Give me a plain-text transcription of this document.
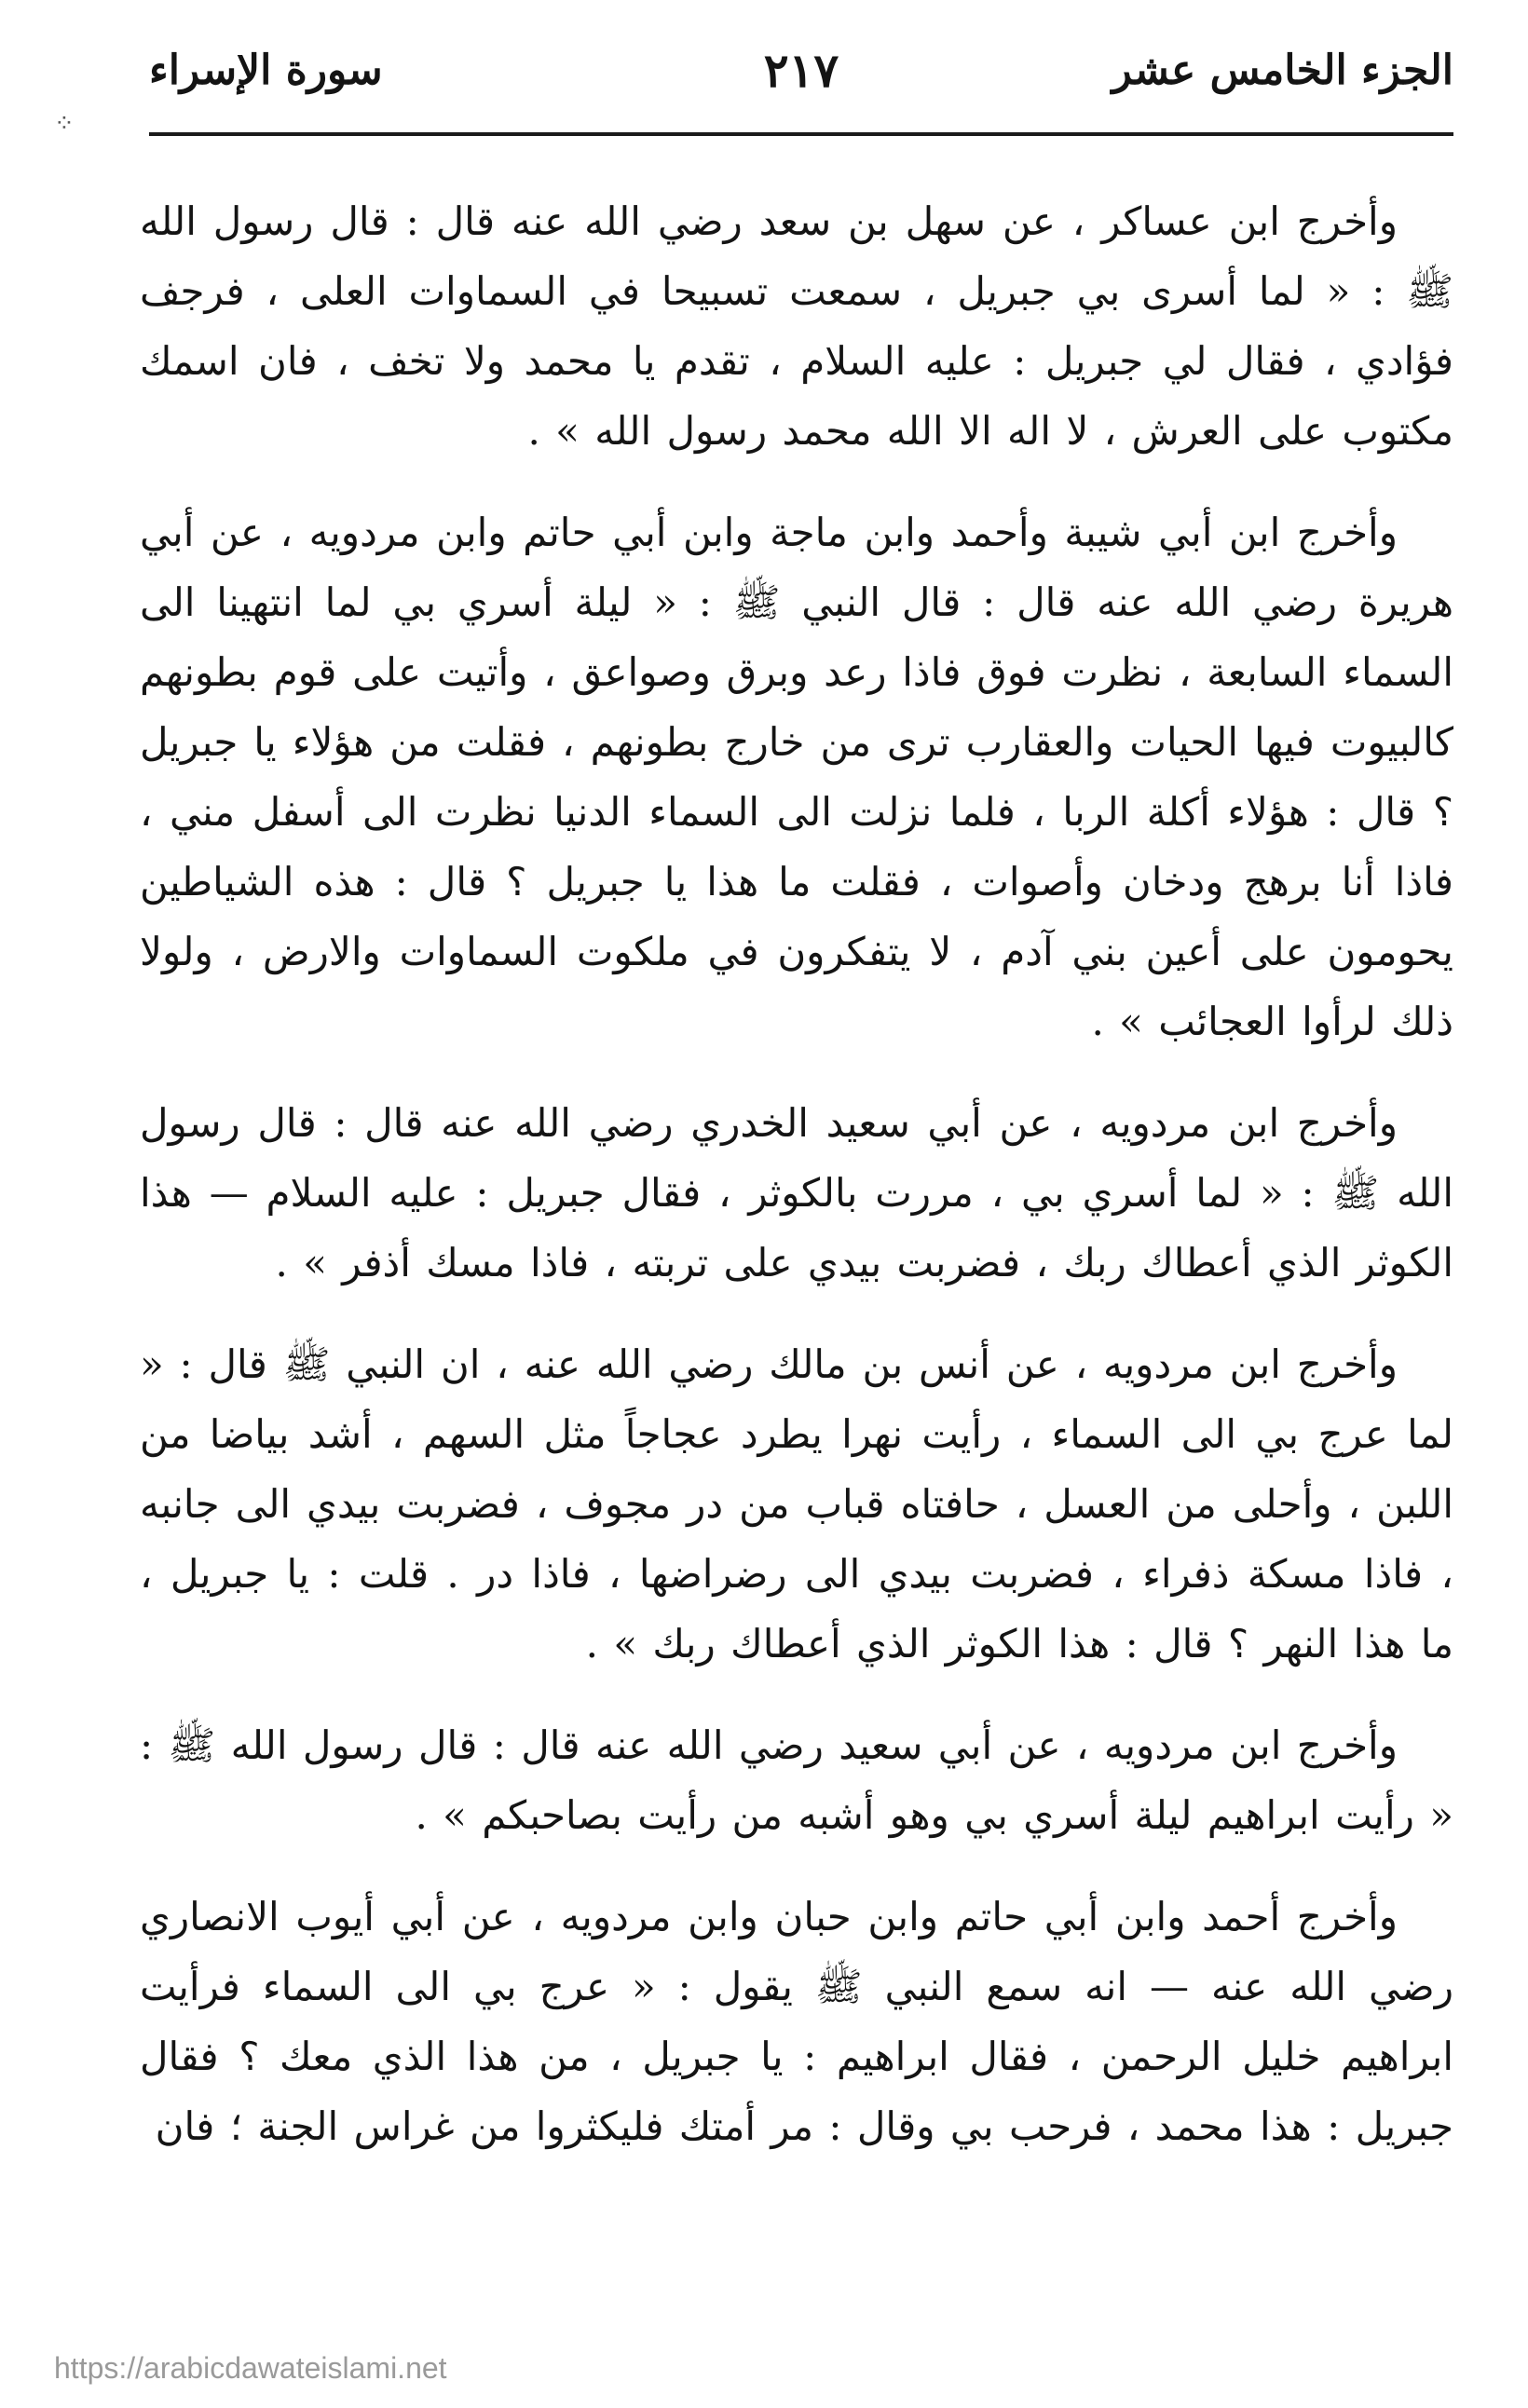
⁘
الجزء الخامس عشر
٢١٧
سورة الإسراء

وأخرج ابن عساكر ، عن سهل بن سعد رضي الله عنه قال : قال رسول الله ﷺ : « لما أسرى بي جبريل ، سمعت تسبيحا في السماوات العلى ، فرجف فؤادي ، فقال لي جبريل : عليه السلام ، تقدم يا محمد ولا تخف ، فان اسمك مكتوب على العرش ، لا اله الا الله محمد رسول الله » .

وأخرج ابن أبي شيبة وأحمد وابن ماجة وابن أبي حاتم وابن مردويه ، عن أبي هريرة رضي الله عنه قال : قال النبي ﷺ : « ليلة أسري بي لما انتهينا الى السماء السابعة ، نظرت فوق فاذا رعد وبرق وصواعق ، وأتيت على قوم بطونهم كالبيوت فيها الحيات والعقارب ترى من خارج بطونهم ، فقلت من هؤلاء يا جبريل ؟ قال : هؤلاء أكلة الربا ، فلما نزلت الى السماء الدنيا نظرت الى أسفل مني ، فاذا أنا برهج ودخان وأصوات ، فقلت ما هذا يا جبريل ؟ قال : هذه الشياطين يحومون على أعين بني آدم ، لا يتفكرون في ملكوت السماوات والارض ، ولولا ذلك لرأوا العجائب » .

وأخرج ابن مردويه ، عن أبي سعيد الخدري رضي الله عنه قال : قال رسول الله ﷺ : « لما أسري بي ، مررت بالكوثر ، فقال جبريل : عليه السلام — هذا الكوثر الذي أعطاك ربك ، فضربت بيدي على تربته ، فاذا مسك أذفر » .

وأخرج ابن مردويه ، عن أنس بن مالك رضي الله عنه ، ان النبي ﷺ قال : « لما عرج بي الى السماء ، رأيت نهرا يطرد عجاجاً مثل السهم ، أشد بياضا من اللبن ، وأحلى من العسل ، حافتاه قباب من در مجوف ، فضربت بيدي الى جانبه ، فاذا مسكة ذفراء ، فضربت بيدي الى رضراضها ، فاذا در . قلت : يا جبريل ، ما هذا النهر ؟ قال : هذا الكوثر الذي أعطاك ربك » .

وأخرج ابن مردويه ، عن أبي سعيد رضي الله عنه قال : قال رسول الله ﷺ : « رأيت ابراهيم ليلة أسري بي وهو أشبه من رأيت بصاحبكم » .

وأخرج أحمد وابن أبي حاتم وابن حبان وابن مردويه ، عن أبي أيوب الانصاري رضي الله عنه — انه سمع النبي ﷺ يقول : « عرج بي الى السماء فرأيت ابراهيم خليل الرحمن ، فقال ابراهيم : يا جبريل ، من هذا الذي معك ؟ فقال جبريل : هذا محمد ، فرحب بي وقال : مر أمتك فليكثروا من غراس الجنة ؛ فان

https://arabicdawateislami.net
